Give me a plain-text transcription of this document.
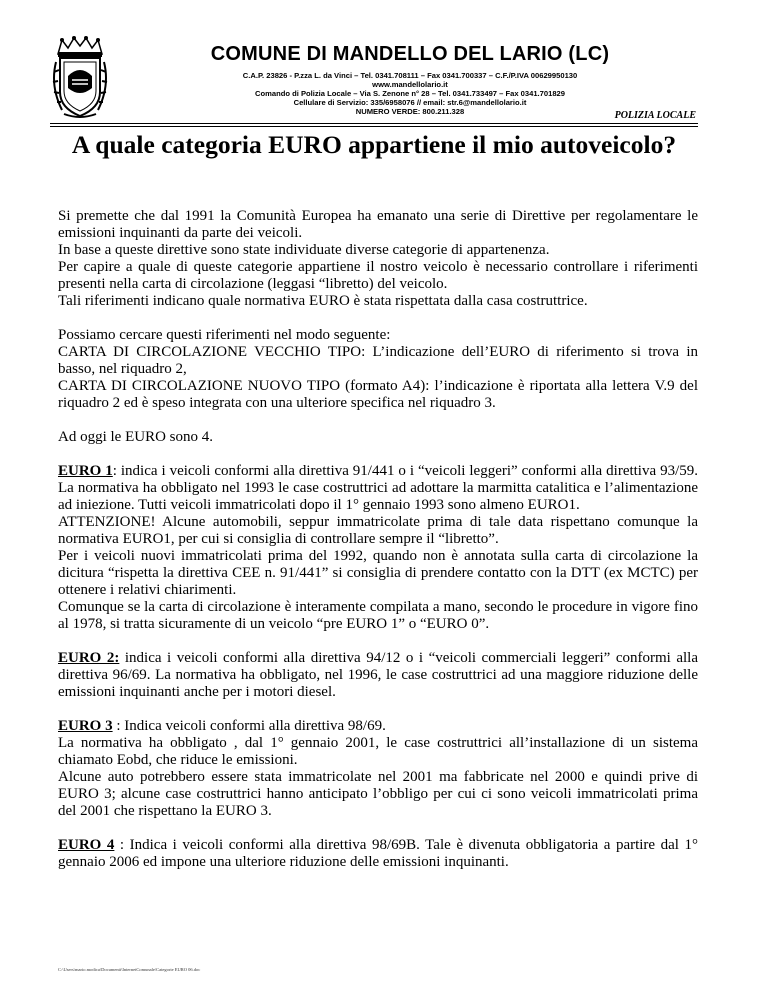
COMUNE DI MANDELLO DEL LARIO (LC)
C.A.P. 23826 - P.zza L. da Vinci – Tel. 0341.708111 – Fax 0341.700337 – C.F./P.IVA 00629950130
www.mandellolario.it
Comando di Polizia Locale – Via S. Zenone n° 28 – Tel. 0341.733497 – Fax 0341.701829
Cellulare di Servizio: 335/6958076 // email: str.6@mandellolario.it
NUMERO VERDE: 800.211.328	POLIZIA LOCALE
A quale categoria EURO appartiene il mio autoveicolo?

Si premette che dal 1991 la Comunità Europea ha emanato una serie di Direttive per regolamentare le emissioni inquinanti da parte dei veicoli.

In base a queste direttive sono state individuate diverse categorie di appartenenza.

Per capire a quale di queste categorie appartiene il nostro veicolo è necessario controllare i riferimenti presenti nella carta di circolazione (leggasi “libretto) del veicolo.

Tali riferimenti indicano quale normativa EURO è stata rispettata dalla casa costruttrice.

Possiamo cercare questi riferimenti nel modo seguente:

CARTA DI CIRCOLAZIONE VECCHIO TIPO: L’indicazione dell’EURO di riferimento si trova in basso, nel riquadro 2,

CARTA DI CIRCOLAZIONE NUOVO TIPO (formato A4): l’indicazione è riportata alla lettera V.9 del riquadro 2 ed è speso integrata con una ulteriore specifica nel riquadro 3.

Ad oggi le EURO sono 4.

EURO 1: indica i veicoli conformi alla direttiva 91/441 o i “veicoli leggeri” conformi alla direttiva 93/59. La normativa ha obbligato nel 1993 le case costruttrici ad adottare la marmitta catalitica e l’alimentazione ad iniezione. Tutti veicoli immatricolati dopo il 1° gennaio 1993 sono almeno EURO1.

ATTENZIONE! Alcune automobili, seppur immatricolate prima di tale data rispettano comunque la normativa EURO1, per cui si consiglia di controllare sempre il “libretto”.

Per i veicoli nuovi immatricolati prima del 1992, quando non è annotata sulla carta di circolazione la dicitura “rispetta la direttiva CEE n. 91/441” si consiglia di prendere contatto con la DTT (ex MCTC) per ottenere i relativi chiarimenti.

Comunque se la carta di circolazione è interamente compilata a mano, secondo le procedure in vigore fino al 1978, si tratta sicuramente di un veicolo “pre EURO 1” o “EURO 0”.

EURO 2: indica i veicoli conformi alla direttiva 94/12 o i “veicoli commerciali leggeri” conformi alla direttiva 96/69. La normativa ha obbligato, nel 1996, le case costruttrici ad una maggiore riduzione delle emissioni inquinanti anche per i motori diesel.

EURO 3 : Indica veicoli conformi alla direttiva 98/69.

La normativa ha obbligato , dal 1° gennaio 2001, le case costruttrici all’installazione di un sistema chiamato Eobd, che riduce le emissioni.

Alcune auto potrebbero essere stata immatricolate nel 2001 ma fabbricate nel 2000 e quindi prive di EURO 3; alcune case costruttrici hanno anticipato l’obbligo per cui ci sono veicoli immatricolati prima del 2001 che rispettano la EURO 3.

EURO 4 : Indica i veicoli conformi alla direttiva 98/69B. Tale è divenuta obbligatoria a partire dal 1° gennaio 2006 ed impone una ulteriore riduzione delle emissioni inquinanti.

C:\Users\mario.modica\Documenti\InternetComunale\Categorie EURO 06.doc
